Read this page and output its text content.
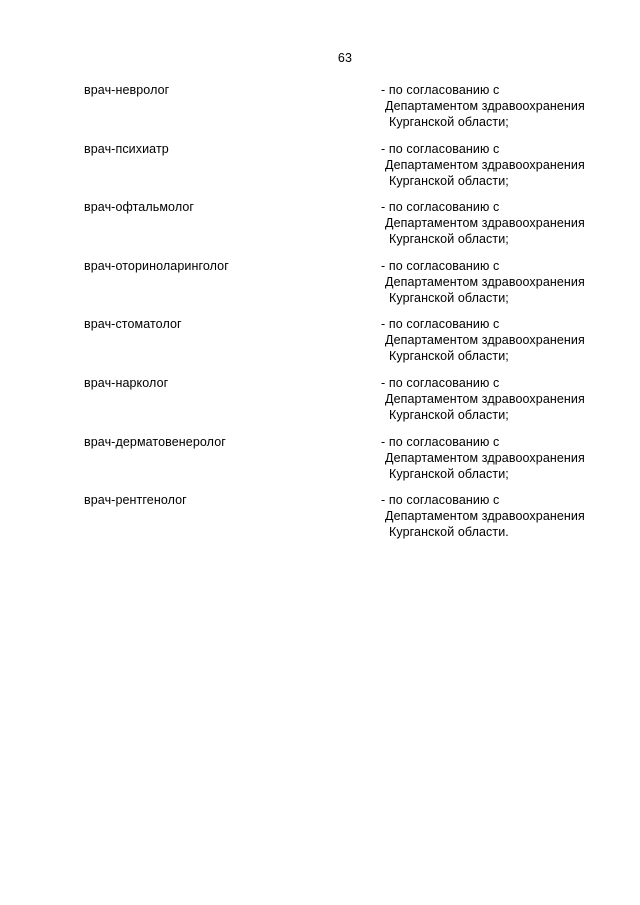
63
врач-невролог	- по согласованию с
Департаментом здравоохранения
Курганской области;
врач-психиатр	- по согласованию с
Департаментом здравоохранения
Курганской области;
врач-офтальмолог	- по согласованию с
Департаментом здравоохранения
Курганской области;
врач-оториноларинголог	- по согласованию с
Департаментом здравоохранения
Курганской области;
врач-стоматолог	- по согласованию с
Департаментом здравоохранения
Курганской области;
врач-нарколог	- по согласованию с
Департаментом здравоохранения
Курганской области;
врач-дерматовенеролог	- по согласованию с
Департаментом здравоохранения
Курганской области;
врач-рентгенолог	- по согласованию с
Департаментом здравоохранения
Курганской области.
